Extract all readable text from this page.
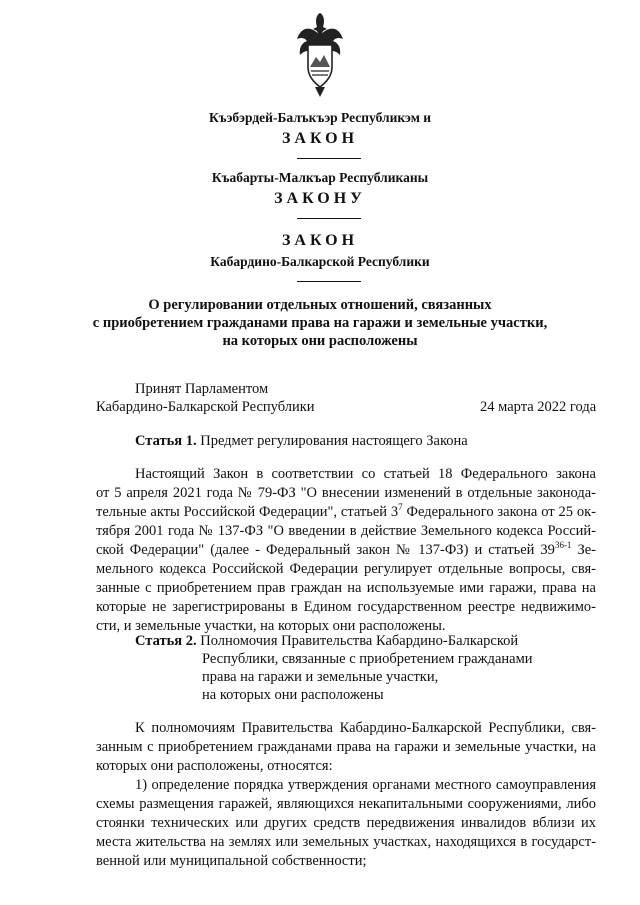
Къэбэрдей-Балъкъэр Республикэм и
ЗАКОН
Къабарты-Малкъар Республиканы
ЗАКОНУ
ЗАКОН
Кабардино-Балкарской Республики
О регулировании отдельных отношений, связанных
с приобретением гражданами права на гаражи и земельные участки,
на которых они расположены
Принят Парламентом
Кабардино-Балкарской Республики	24 марта 2022 года
Статья 1. Предмет регулирования настоящего Закона
Настоящий Закон в соответствии со статьей 18 Федерального закона
от 5 апреля 2021 года № 79-ФЗ "О внесении изменений в отдельные законода-
тельные акты Российской Федерации", статьей $3^7$ Федерального закона от 25 ок-
тября 2001 года № 137-ФЗ "О введении в действие Земельного кодекса Россий-
ской Федерации" (далее - Федеральный закон № 137-ФЗ) и статьей 39$^{36-1}$ Зе-
мельного кодекса Российской Федерации регулирует отдельные вопросы, свя-
занные с приобретением прав граждан на используемые ими гаражи, права на
которые не зарегистрированы в Едином государственном реестре недвижимо-
сти, и земельные участки, на которых они расположены.
Статья 2. Полномочия Правительства Кабардино-Балкарской
Республики, связанные с приобретением гражданами
права на гаражи и земельные участки,
на которых они расположены
К полномочиям Правительства Кабардино-Балкарской Республики, свя-
занным с приобретением гражданами права на гаражи и земельные участки, на
которых они расположены, относятся:
1) определение порядка утверждения органами местного самоуправления
схемы размещения гаражей, являющихся некапитальными сооружениями, либо
стоянки технических или других средств передвижения инвалидов вблизи их
места жительства на землях или земельных участках, находящихся в государст-
венной или муниципальной собственности;
